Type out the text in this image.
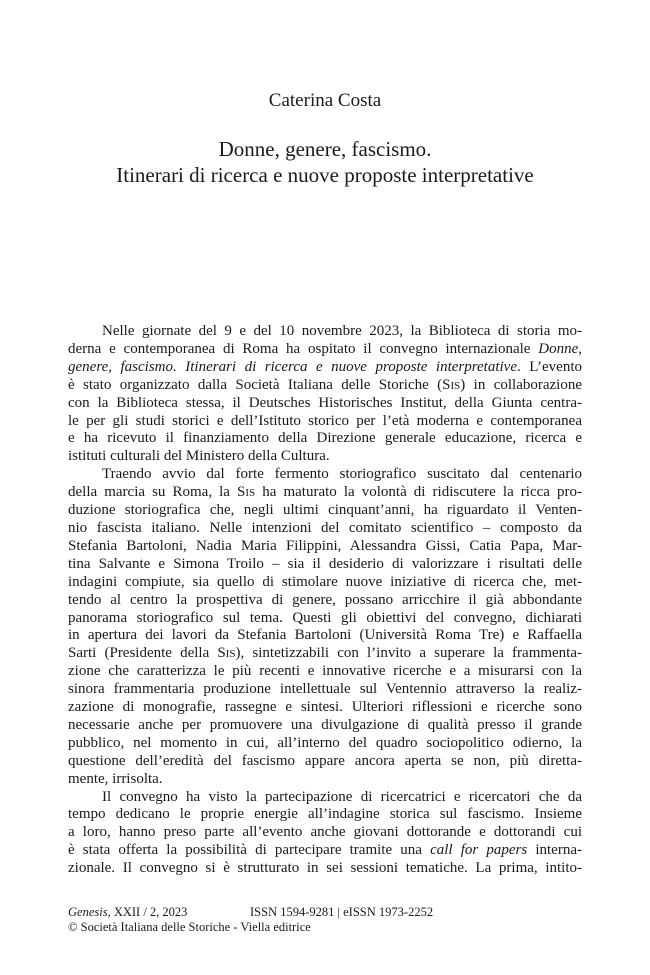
Caterina Costa
Donne, genere, fascismo.
Itinerari di ricerca e nuove proposte interpretative
Nelle giornate del 9 e del 10 novembre 2023, la Biblioteca di storia mo-
derna e contemporanea di Roma ha ospitato il convegno internazionale Donne,
genere, fascismo. Itinerari di ricerca e nuove proposte interpretative. L’evento
è stato organizzato dalla Società Italiana delle Storiche (Sis) in collaborazione
con la Biblioteca stessa, il Deutsches Historisches Institut, della Giunta centra-
le per gli studi storici e dell’Istituto storico per l’età moderna e contemporanea
e ha ricevuto il finanziamento della Direzione generale educazione, ricerca e
istituti culturali del Ministero della Cultura.
Traendo avvio dal forte fermento storiografico suscitato dal centenario
della marcia su Roma, la Sis ha maturato la volontà di ridiscutere la ricca pro-
duzione storiografica che, negli ultimi cinquant’anni, ha riguardato il Venten-
nio fascista italiano. Nelle intenzioni del comitato scientifico – composto da
Stefania Bartoloni, Nadia Maria Filippini, Alessandra Gissi, Catia Papa, Mar-
tina Salvante e Simona Troilo – sia il desiderio di valorizzare i risultati delle
indagini compiute, sia quello di stimolare nuove iniziative di ricerca che, met-
tendo al centro la prospettiva di genere, possano arricchire il già abbondante
panorama storiografico sul tema. Questi gli obiettivi del convegno, dichiarati
in apertura dei lavori da Stefania Bartoloni (Università Roma Tre) e Raffaella
Sarti (Presidente della Sis), sintetizzabili con l’invito a superare la frammenta-
zione che caratterizza le più recenti e innovative ricerche e a misurarsi con la
sinora frammentaria produzione intellettuale sul Ventennio attraverso la realiz-
zazione di monografie, rassegne e sintesi. Ulteriori riflessioni e ricerche sono
necessarie anche per promuovere una divulgazione di qualità presso il grande
pubblico, nel momento in cui, all’interno del quadro sociopolitico odierno, la
questione dell’eredità del fascismo appare ancora aperta se non, più diretta-
mente, irrisolta.
Il convegno ha visto la partecipazione di ricercatrici e ricercatori che da
tempo dedicano le proprie energie all’indagine storica sul fascismo. Insieme
a loro, hanno preso parte all’evento anche giovani dottorande e dottorandi cui
è stata offerta la possibilità di partecipare tramite una call for papers interna-
zionale. Il convegno si è strutturato in sei sessioni tematiche. La prima, intito-
Genesis, XXII / 2, 2023	ISSN 1594-9281 | eISSN 1973-2252
© Società Italiana delle Storiche - Viella editrice
